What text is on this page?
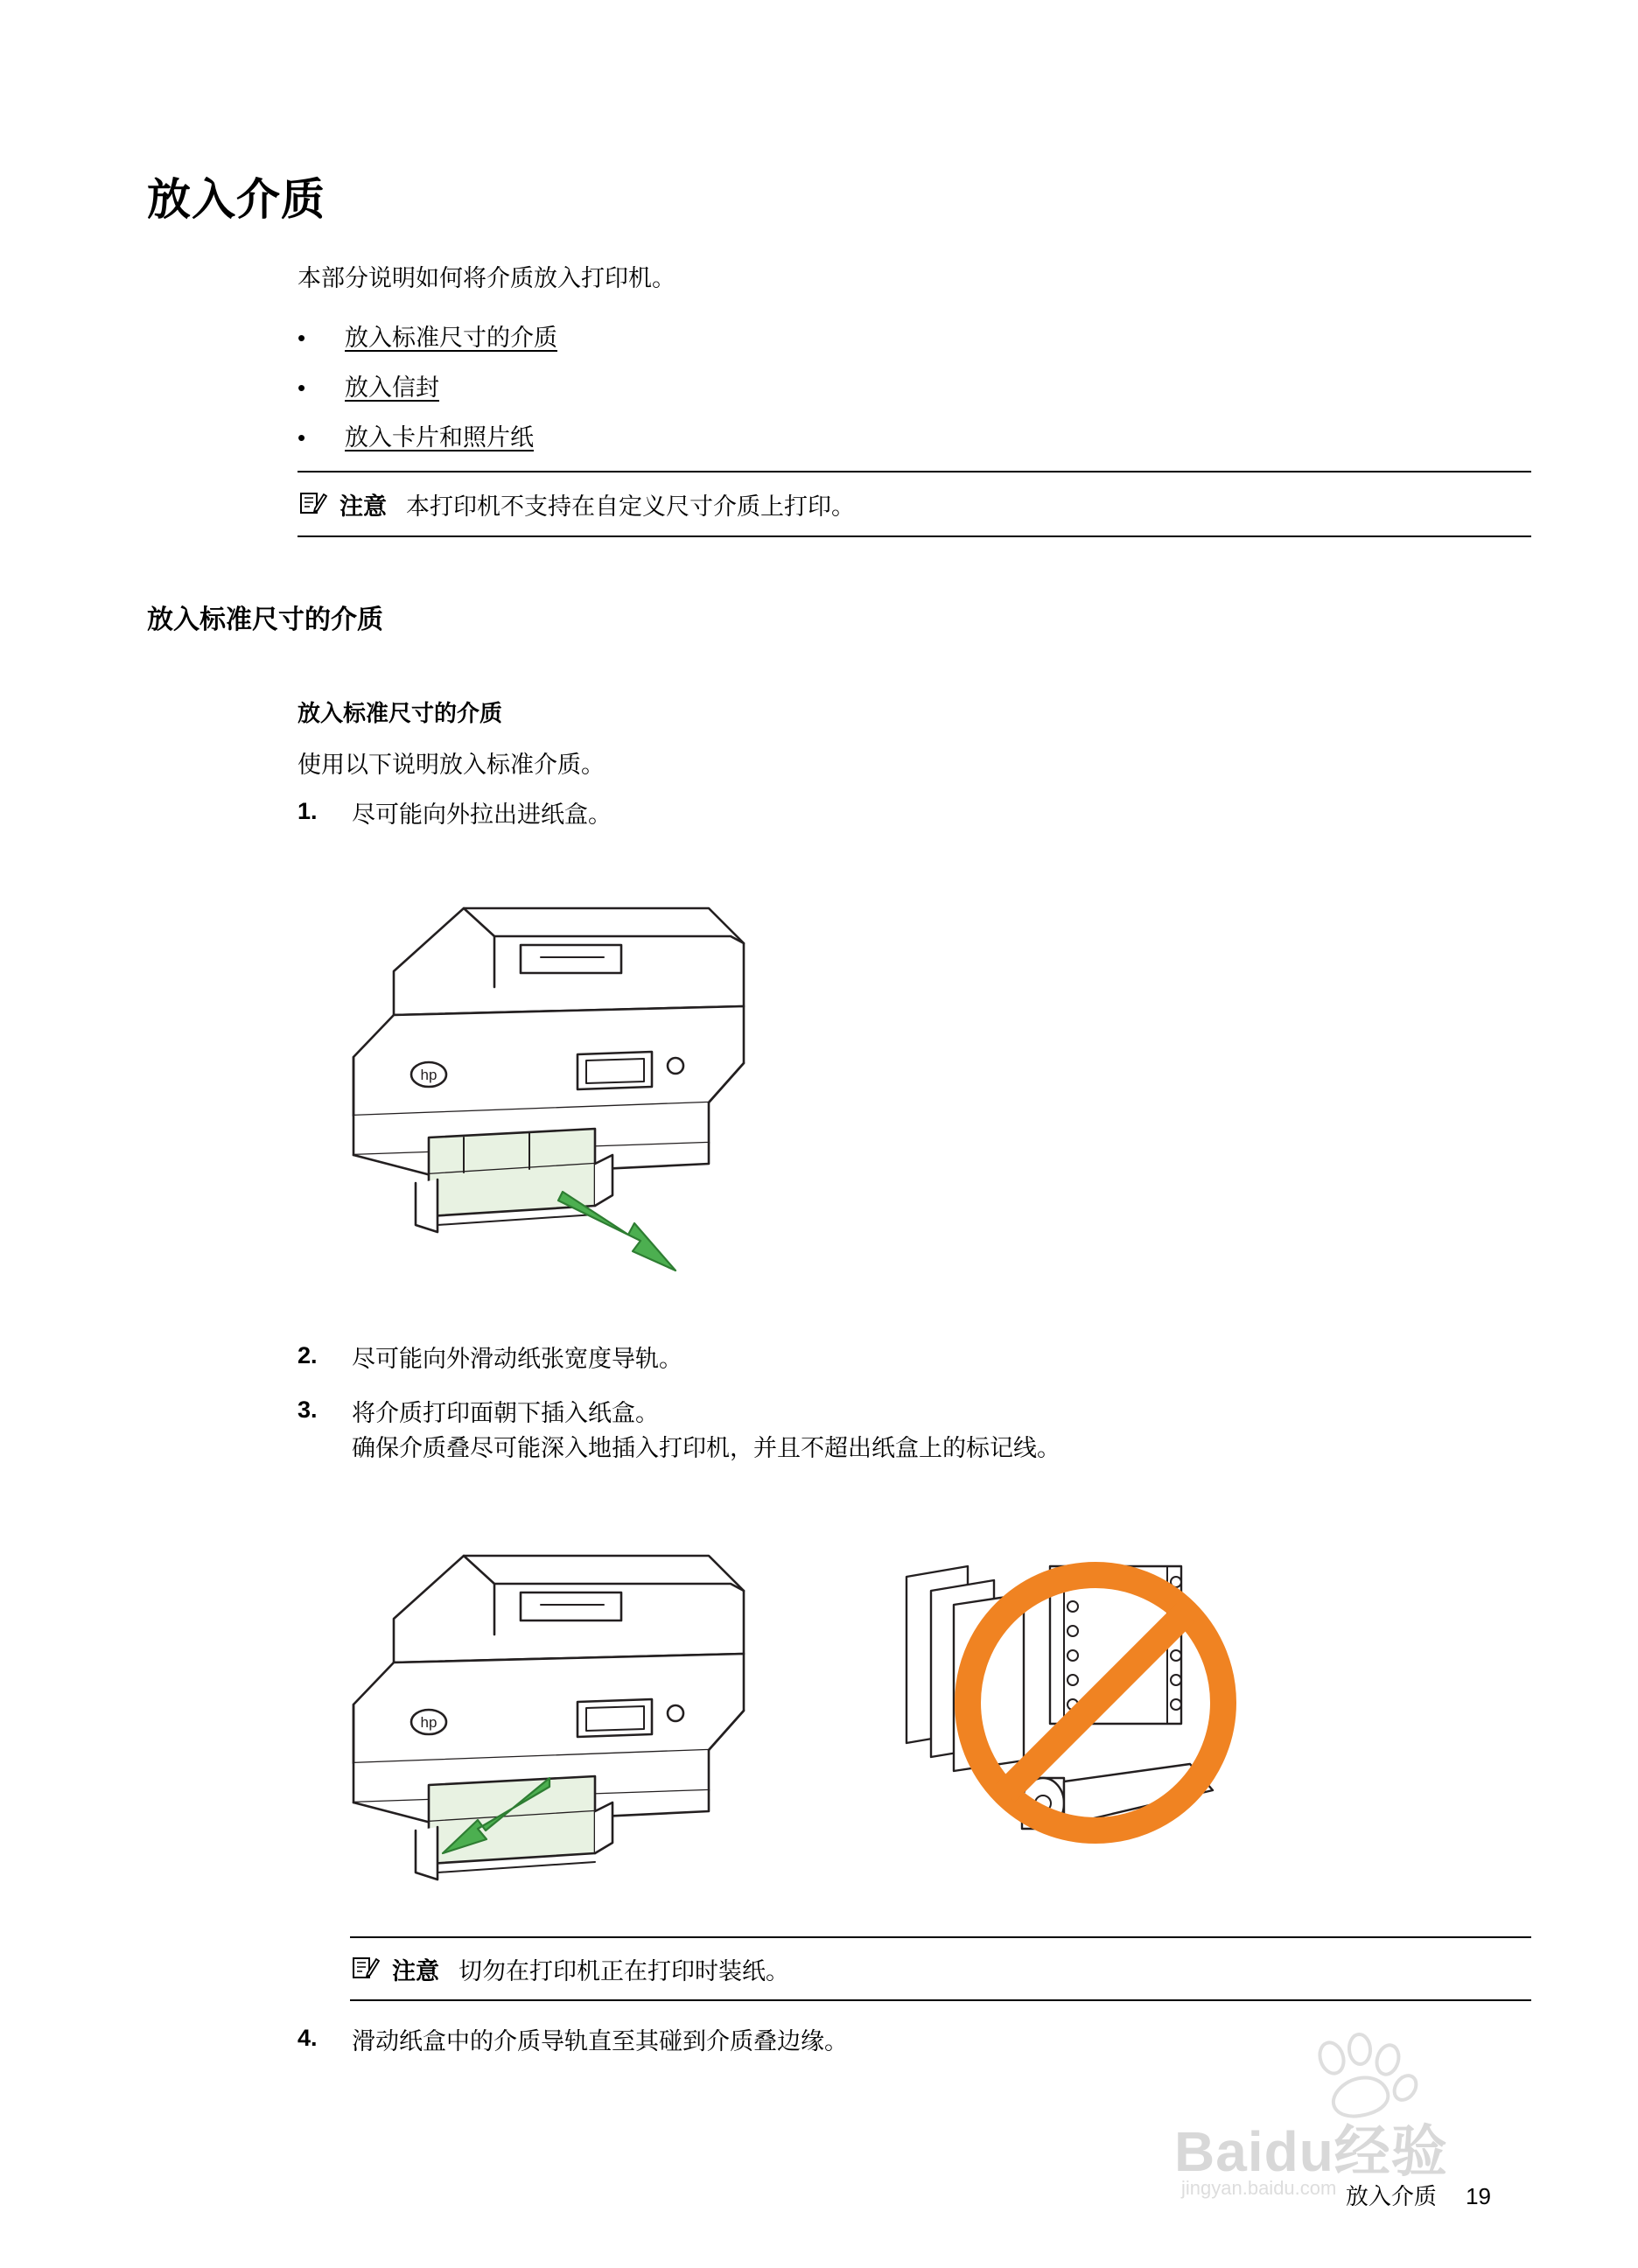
放入介质
本部分说明如何将介质放入打印机。
•	放入标准尺寸的介质
•	放入信封
•	放入卡片和照片纸
注意 本打印机不支持在自定义尺寸介质上打印。
放入标准尺寸的介质
放入标准尺寸的介质
使用以下说明放入标准介质。
1.	尽可能向外拉出进纸盒。
hp
2.	尽可能向外滑动纸张宽度导轨。
3.	将介质打印面朝下插入纸盒。
确保介质叠尽可能深入地插入打印机，并且不超出纸盒上的标记线。
hp
注意 切勿在打印机正在打印时装纸。
4.	滑动纸盒中的介质导轨直至其碰到介质叠边缘。
Baidu经验
jingyan.baidu.com 放入介质 19
